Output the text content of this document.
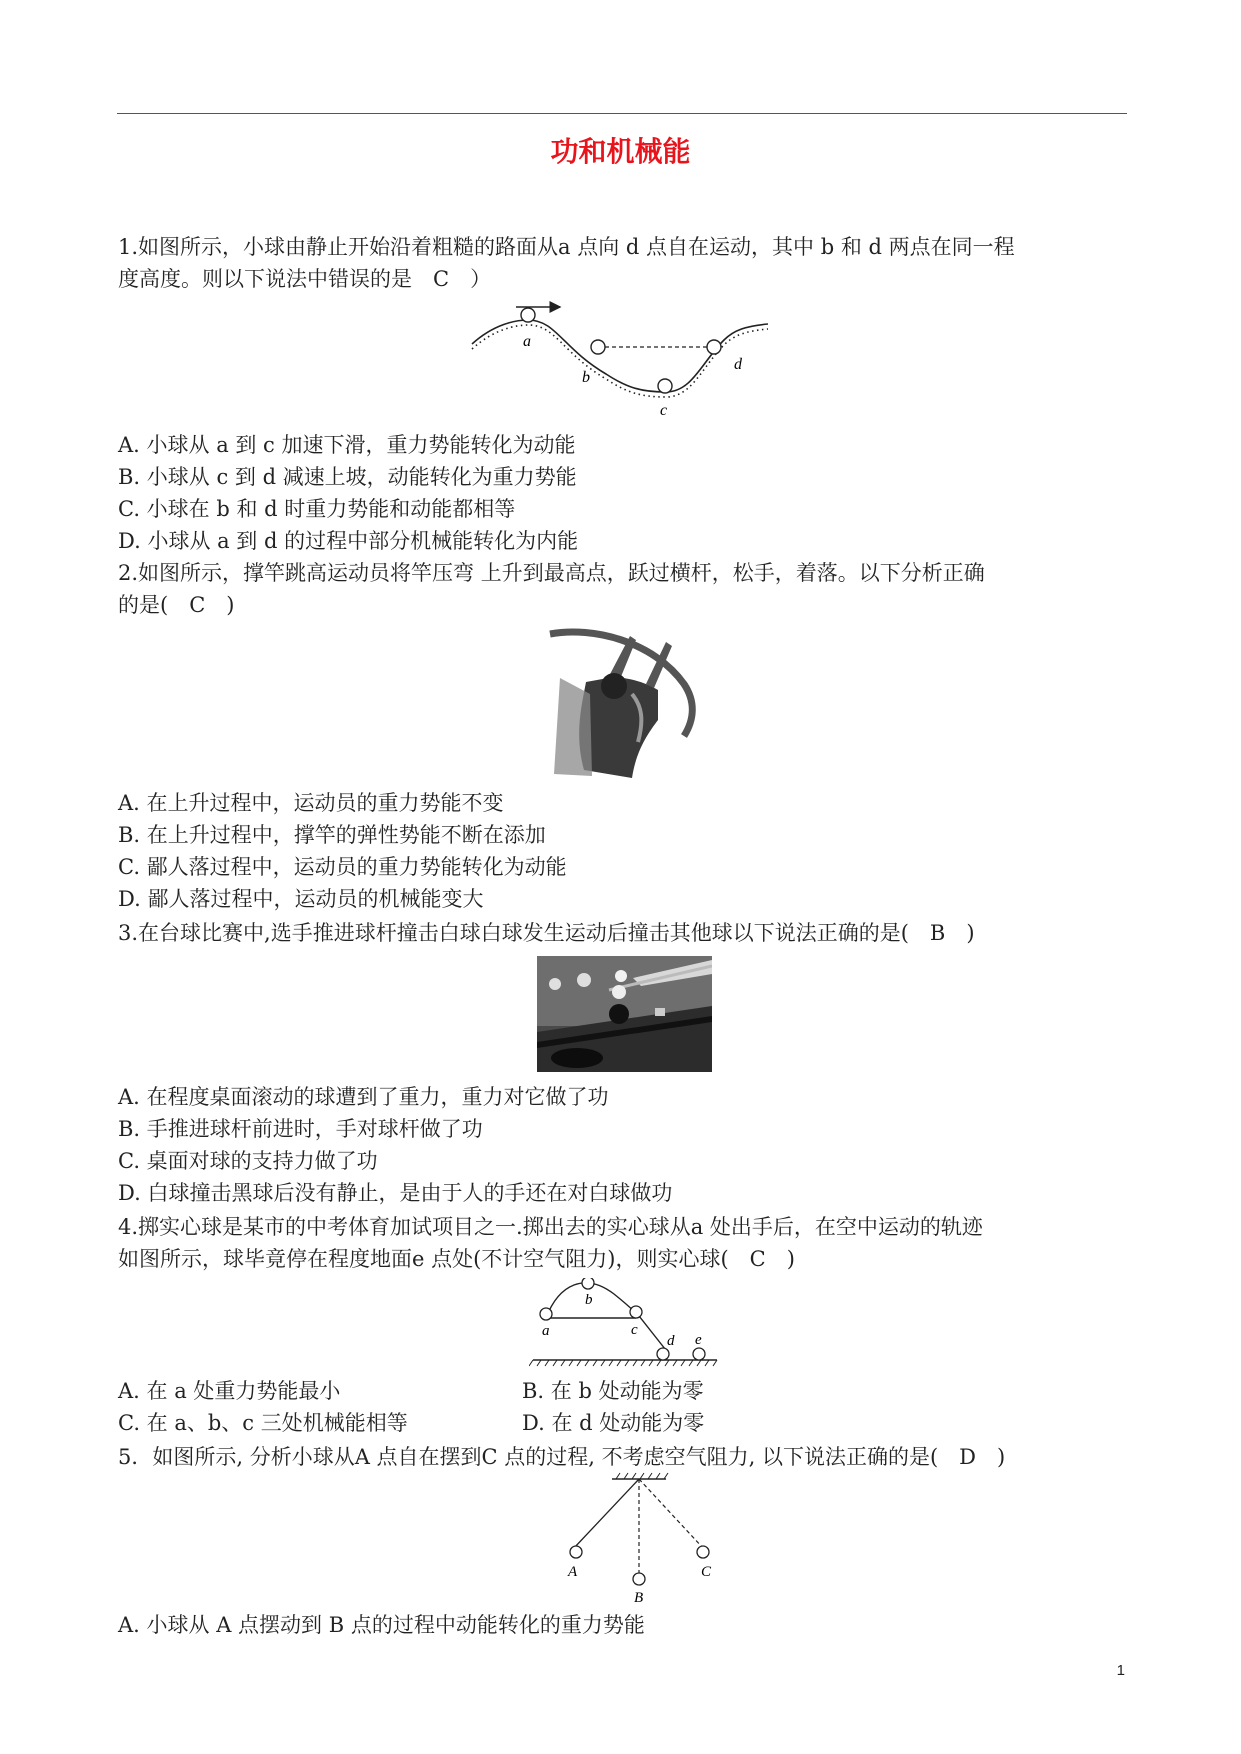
功和机械能
1.如图所示，小球由静止开始沿着粗糙的路面从a 点向 d 点自在运动，其中 b 和 d 两点在同一程
度高度。则以下说法中错误的是　C　）
a
b
c
d
A. 小球从 a 到 c 加速下滑，重力势能转化为动能
B. 小球从 c 到 d 减速上坡，动能转化为重力势能
C. 小球在 b 和 d 时重力势能和动能都相等
D. 小球从 a 到 d 的过程中部分机械能转化为内能
2.如图所示，撑竿跳高运动员将竿压弯 上升到最高点，跃过横杆，松手，着落。以下分析正确
的是(　C　)
A. 在上升过程中，运动员的重力势能不变
B. 在上升过程中，撑竿的弹性势能不断在添加
C. 鄙人落过程中，运动员的重力势能转化为动能
D. 鄙人落过程中，运动员的机械能变大
3.在台球比赛中,选手推进球杆撞击白球白球发生运动后撞击其他球以下说法正确的是(　B　)
A. 在程度桌面滚动的球遭到了重力，重力对它做了功
B. 手推进球杆前进时，手对球杆做了功
C. 桌面对球的支持力做了功
D. 白球撞击黑球后没有静止，是由于人的手还在对白球做功
4.掷实心球是某市的中考体育加试项目之一.掷出去的实心球从a 处出手后，在空中运动的轨迹
如图所示，球毕竟停在程度地面e 点处(不计空气阻力)，则实心球(　C　)
a
b
c
d e
A. 在 a 处重力势能最小	B. 在 b 处动能为零
C. 在 a、b、c 三处机械能相等	D. 在 d 处动能为零
5．如图所示, 分析小球从A 点自在摆到C 点的过程, 不考虑空气阻力, 以下说法正确的是(　D　)
A
B
C
A. 小球从 A 点摆动到 B 点的过程中动能转化的重力势能
1
